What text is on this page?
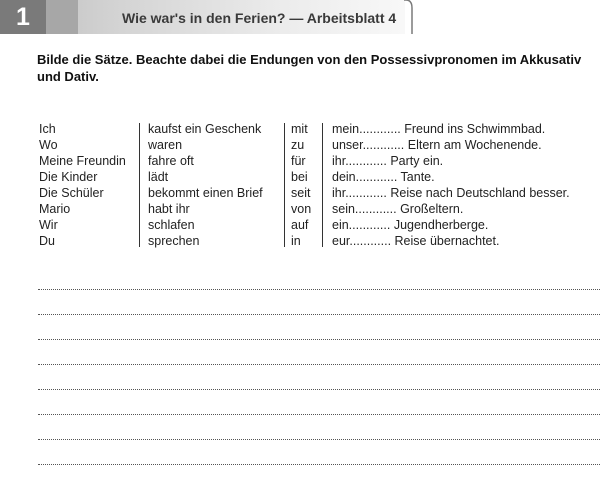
1	Wie war's in den Ferien? — Arbeitsblatt 4
Bilde die Sätze. Beachte dabei die Endungen von den Possessivpronomen im Akkusativ und Dativ.
Ich
Wo
Meine Freundin
Die Kinder
Die Schüler
Mario
Wir
Du
kaufst ein Geschenk
waren
fahre oft
lädt
bekommt einen Brief
habt ihr
schlafen
sprechen
mit
zu
für
bei
seit
von
auf
in
mein............ Freund ins Schwimmbad.
unser............ Eltern am Wochenende.
ihr............ Party ein.
dein............ Tante.
ihr............ Reise nach Deutschland besser.
sein............ Großeltern.
ein............ Jugendherberge.
eur............ Reise übernachtet.
